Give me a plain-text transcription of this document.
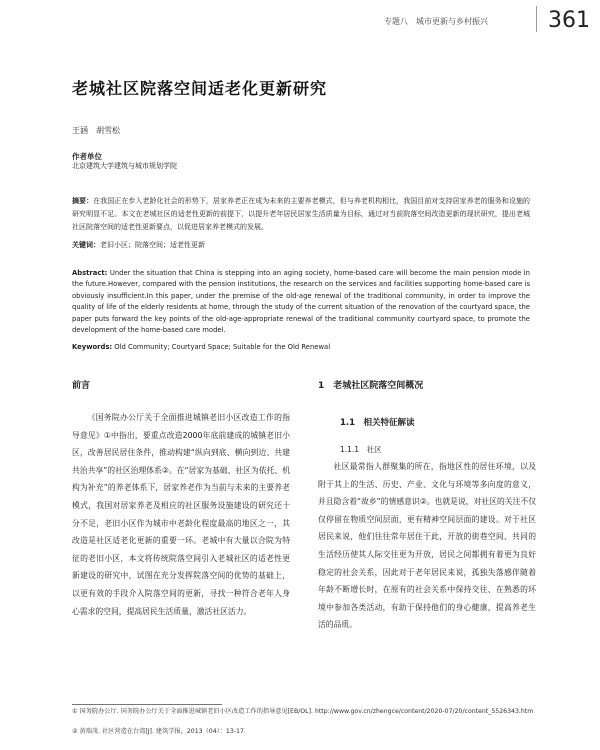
专题八　城市更新与乡村振兴	361
老城社区院落空间适老化更新研究
王涵　胡雪松
作者单位
北京建筑大学建筑与城市规划学院
摘要：在我国正在步入老龄化社会的形势下，居家养老正在成为未来的主要养老模式，但与养老机构相比，我国目前对支持居家养老的服务和设施的研究明显不足。本文在老城社区的适老性更新的前提下，以提升老年居民居家生活质量为目标，通过对当前院落空间改造更新的现状研究，提出老城社区院落空间的适老性更新要点，以促进居家养老模式的发展。
关键词：老旧小区；院落空间；适老性更新
Abstract: Under the situation that China is stepping into an aging society, home-based care will become the main pension mode in the future.However, compared with the pension institutions, the research on the services and facilities supporting home-based care is obviously insufficient.In this paper, under the premise of the old-age renewal of the traditional community, in order to improve the quality of life of the elderly residents at home, through the study of the current situation of the renovation of the courtyard space, the paper puts forward the key points of the old-age-appropriate renewal of the traditional community courtyard space, to promote the development of the home-based care model.
Keywords: Old Community; Courtyard Space; Suitable for the Old Renewal
前言
《国务院办公厅关于全面推进城镇老旧小区改造工作的指导意见》①中指出，要重点改造2000年底前建成的城镇老旧小区，改善居民居住条件，推动构建“纵向到底、横向到边、共建共治共享”的社区治理体系②。在“居家为基础、社区为依托、机构为补充”的养老体系下，居家养老作为当前与未来的主要养老模式，我国对居家养老及相应的社区服务设施建设的研究还十分不足，老旧小区作为城市中老龄化程度最高的地区之一，其改造是社区适老化更新的重要一环。老城中有大量以合院为特征的老旧小区，本文将传统院落空间引入老城社区的适老性更新建设的研究中，试图在充分发挥院落空间的优势的基础上，以更有效的手段介入院落空间的更新，寻找一种符合老年人身心需求的空间，提高居民生活质量，激活社区活力。
1　老城社区院落空间概况
1.1　相关特征解读
1.1.1　社区
社区最常指人群聚集的所在，指地区性的居住环境，以及附于其上的生活、历史、产业、文化与环境等多向度的意义，并且隐含着“故乡”的情感意识②。也就是说，对社区的关注不仅仅停留在物质空间层面，更有精神空间层面的建设。对于社区居民来说，他们往往常年居住于此，开放的街巷空间、共同的生活经历使其人际交往更为开放，居民之间都拥有着更为良好稳定的社会关系，因此对于老年居民来说，孤独失落感伴随着年龄不断增长时，在原有的社会关系中保持交往、在熟悉的环境中参加各类活动，有助于保持他们的身心健康，提高养老生活的品质。
① 国务院办公厅. 国务院办公厅关于全面推进城镇老旧小区改造工作的指导意见[EB/OL]. http://www.gov.cn/zhengce/content/2020-07/20/content_5526343.htm
② 黄瑞茂. 社区营造在台湾[J]. 建筑学报，2013（04）：13-17.
